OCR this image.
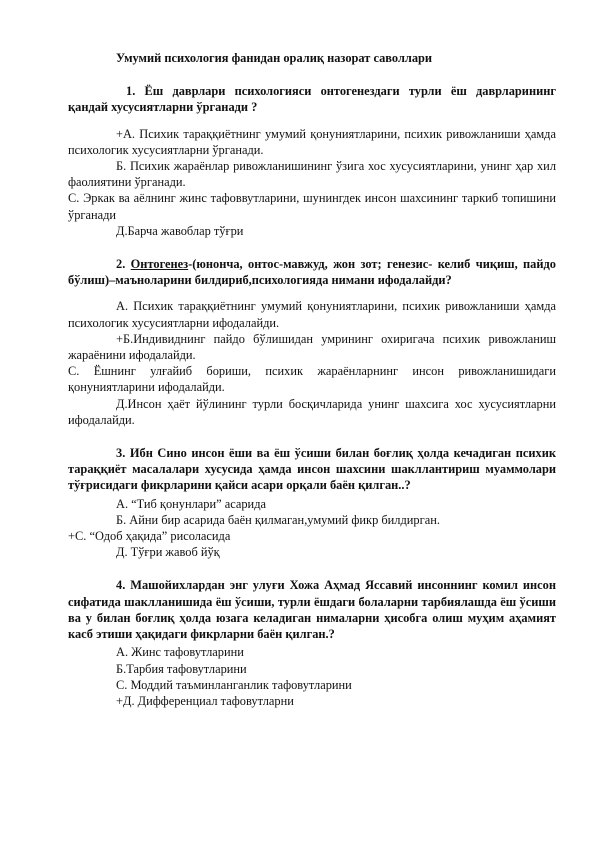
Умумий психология фанидан оралиқ назорат саволлари
1. Ёш даврлари психологияси онтогенездаги турли ёш даврларининг қандай хусусиятларни ўрганади ?
+А. Психик тараққиётнинг умумий қонуниятларини, психик ривожланиши ҳамда психологик хусусиятларни ўрганади.
Б. Психик жараёнлар ривожланишининг ўзига хос хусусиятларини, унинг ҳар хил фаолиятини ўрганади.
С. Эркак ва аёлнинг жинс тафоввутларини, шунингдек инсон шахсининг таркиб топишини ўрганади
Д.Барча жавоблар тўғри
2. Онтогенез-(юнонча, онтос-мавжуд, жон зот; генезис- келиб чиқиш, пайдо бўлиш)–маъноларини билдириб,психологияда нимани ифодалайди?
А. Психик тараққиётнинг умумий қонуниятларини, психик ривожланиши ҳамда психологик хусусиятларни ифодалайди.
+Б.Индивиднинг пайдо бўлишидан умрининг охиригача психик ривожланиш жараёнини ифодалайди.
С. Ёшнинг улғайиб бориши, психик жараёнларнинг инсон ривожланишидаги қонуниятларини ифодалайди.
Д.Инсон ҳаёт йўлининг турли босқичларида унинг шахсига хос хусусиятларни ифодалайди.
3. Ибн Сино инсон ёши ва ёш ўсиши билан боғлиқ ҳолда кечадиган психик тараққиёт масалалари хусусида ҳамда инсон шахсини шакллантириш муаммолари тўғрисидаги фикрларини қайси асари орқали баён қилган..?
А. “Тиб қонунлари” асарида
Б. Айни бир асарида баён қилмаган,умумий фикр билдирган.
+С. “Одоб ҳақида” рисоласида
Д. Тўғри жавоб йўқ
4. Машойихлардан энг улуғи Хожа Аҳмад Яссавий инсоннинг комил инсон сифатида шаклланишида ёш ўсиши, турли ёшдаги болаларни тарбиялашда ёш ўсиши ва у билан боғлиқ ҳолда юзага келадиган нималарни ҳисобга олиш муҳим аҳамият касб этиши ҳақидаги фикрларни баён қилган.?
А. Жинс тафовутларини
Б.Тарбия тафовутларини
С. Моддий таъминланганлик тафовутларини
+Д. Дифференциал тафовутларни
